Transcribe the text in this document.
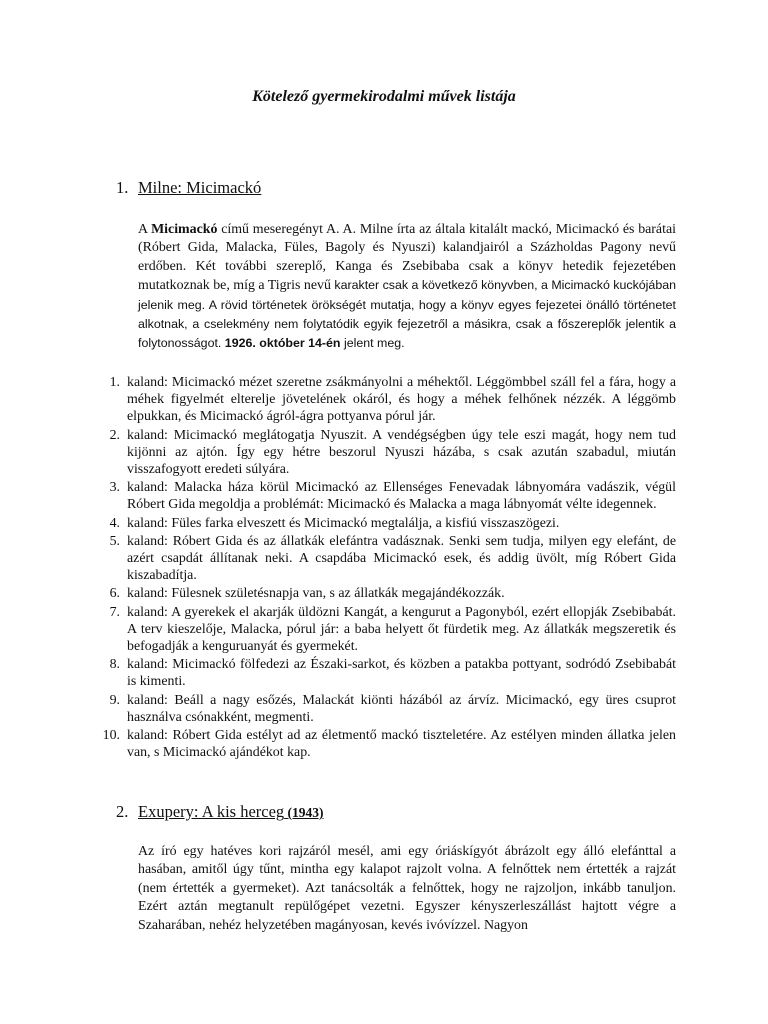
Kötelező gyermekirodalmi művek listája
1. Milne: Micimackó
A Micimackó című meseregényt A. A. Milne írta az általa kitalált mackó, Micimackó és barátai (Róbert Gida, Malacka, Füles, Bagoly és Nyuszi) kalandjairól a Százholdas Pagony nevű erdőben. Két további szereplő, Kanga és Zsebibaba csak a könyv hetedik fejezetében mutatkoznak be, míg a Tigris nevű karakter csak a következő könyvben, a Micimackó kuckójában jelenik meg. A rövid történetek örökségét mutatja, hogy a könyv egyes fejezetei önálló történetet alkotnak, a cselekmény nem folytatódik egyik fejezetről a másikra, csak a főszereplők jelentik a folytonosságot. 1926. október 14-én jelent meg.
1. kaland: Micimackó mézet szeretne zsákmányolni a méhektől. Léggömbbel száll fel a fára, hogy a méhek figyelmét elterelje jövetelének okáról, és hogy a méhek felhőnek nézzék. A léggömb elpukkan, és Micimackó ágról-ágra pottyanva pórul jár.
2. kaland: Micimackó meglátogatja Nyuszit. A vendégségben úgy tele eszi magát, hogy nem tud kijönni az ajtón. Így egy hétre beszorul Nyuszi házába, s csak azután szabadul, miután visszafogyott eredeti súlyára.
3. kaland: Malacka háza körül Micimackó az Ellenséges Fenevadak lábnyomára vadászik, végül Róbert Gida megoldja a problémát: Micimackó és Malacka a maga lábnyomát vélte idegennek.
4. kaland: Füles farka elveszett és Micimackó megtalálja, a kisfiú visszaszögezi.
5. kaland: Róbert Gida és az állatkák elefántra vadásznak. Senki sem tudja, milyen egy elefánt, de azért csapdát állítanak neki. A csapdába Micimackó esek, és addig üvölt, míg Róbert Gida kiszabadítja.
6. kaland: Fülesnek születésnapja van, s az állatkák megajándékozzák.
7. kaland: A gyerekek el akarják üldözni Kangát, a kengurut a Pagonyból, ezért ellopják Zsebibabát. A terv kieszelője, Malacka, pórul jár: a baba helyett őt fürdetik meg. Az állatkák megszeretik és befogadják a kenguruanyát és gyermekét.
8. kaland: Micimackó fölfedezi az Északi-sarkot, és közben a patakba pottyant, sodródó Zsebibabát is kimenti.
9. kaland: Beáll a nagy esőzés, Malackát kiönti házából az árvíz. Micimackó, egy üres csuprot használva csónakként, megmenti.
10. kaland: Róbert Gida estélyt ad az életmentő mackó tiszteletére. Az estélyen minden állatka jelen van, s Micimackó ajándékot kap.
2. Exupery: A kis herceg (1943)
Az író egy hatéves kori rajzáról mesél, ami egy óriáskígyót ábrázolt egy álló elefánttal a hasában, amitől úgy tűnt, mintha egy kalapot rajzolt volna. A felnőttek nem értették a rajzát (nem értették a gyermeket). Azt tanácsolták a felnőttek, hogy ne rajzoljon, inkább tanuljon. Ezért aztán megtanult repülőgépet vezetni. Egyszer kényszerleszállást hajtott végre a Szaharában, nehéz helyzetében magányosan, kevés ivóvízzel. Nagyon
